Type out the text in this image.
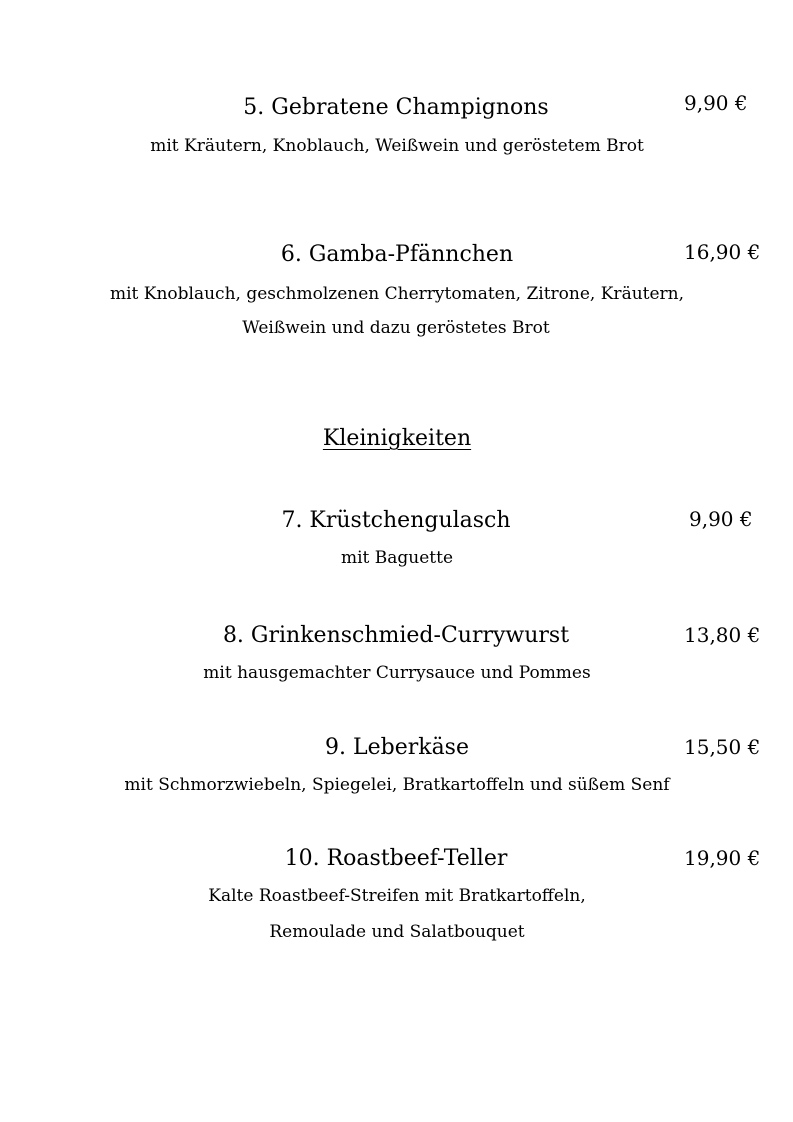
5. Gebratene Champignons	9,90 €
mit Kräutern, Knoblauch, Weißwein und geröstetem Brot
6. Gamba-Pfännchen	16,90 €
mit Knoblauch, geschmolzenen Cherrytomaten, Zitrone, Kräutern,
Weißwein und dazu geröstetes Brot
Kleinigkeiten
7. Krüstchengulasch	9,90 €
mit Baguette
8. Grinkenschmied-Currywurst	13,80 €
mit hausgemachter Currysauce und Pommes
9. Leberkäse	15,50 €
mit Schmorzwiebeln, Spiegelei, Bratkartoffeln und süßem Senf
10. Roastbeef-Teller	19,90 €
Kalte Roastbeef-Streifen mit Bratkartoffeln,
Remoulade und Salatbouquet
